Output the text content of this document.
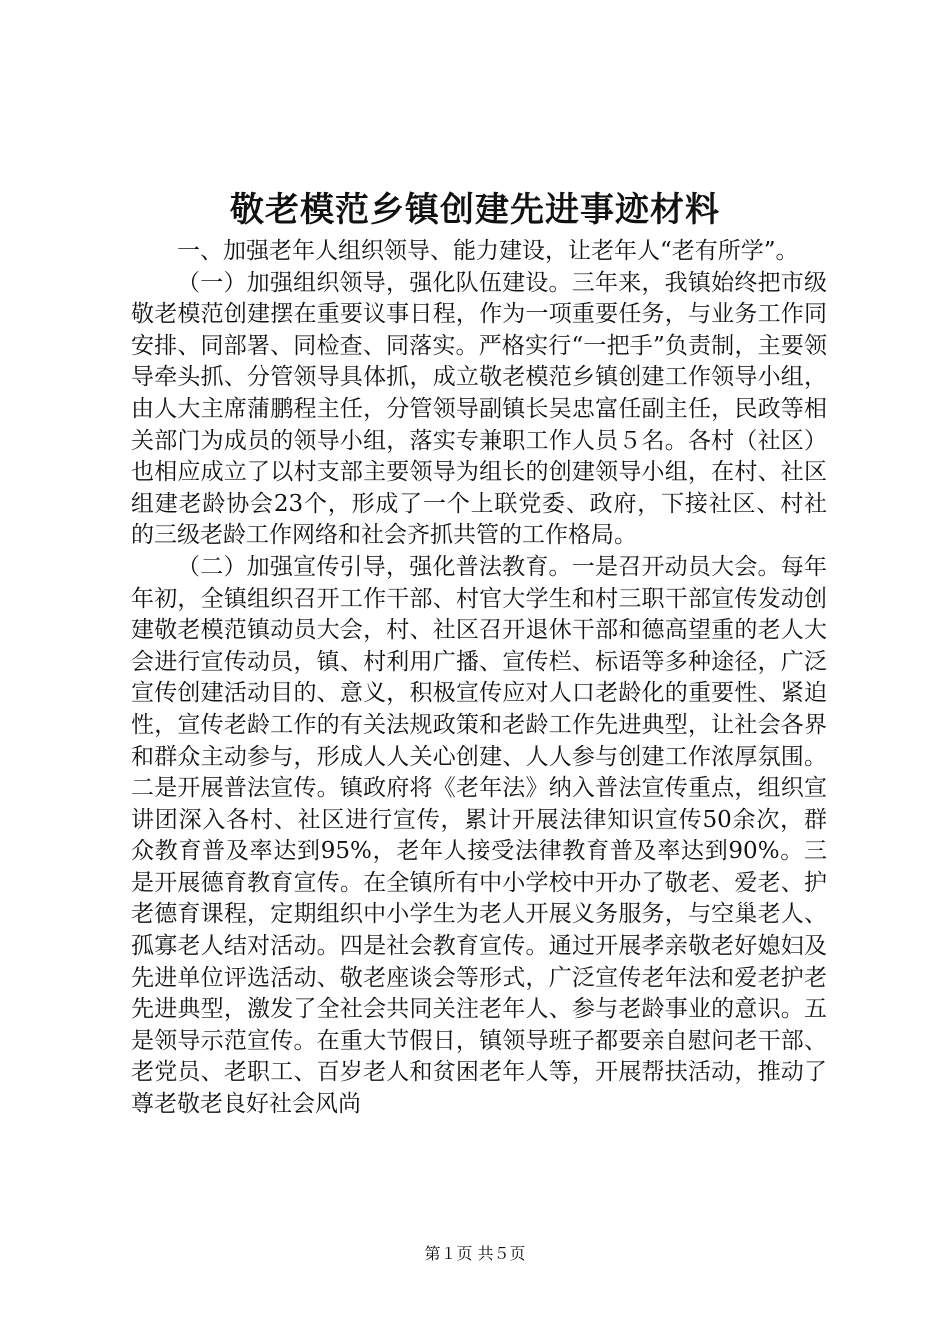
敬老模范乡镇创建先进事迹材料

一、加强老年人组织领导、能力建设，让老年人“老有所学”。

（一）加强组织领导，强化队伍建设。三年来，我镇始终把市级敬老模范创建摆在重要议事日程，作为一项重要任务，与业务工作同安排、同部署、同检查、同落实。严格实行“一把手”负责制，主要领导牵头抓、分管领导具体抓，成立敬老模范乡镇创建工作领导小组，由人大主席蒲鹏程主任，分管领导副镇长吴忠富任副主任，民政等相关部门为成员的领导小组，落实专兼职工作人员５名。各村（社区）也相应成立了以村支部主要领导为组长的创建领导小组，在村、社区组建老龄协会23个，形成了一个上联党委、政府，下接社区、村社的三级老龄工作网络和社会齐抓共管的工作格局。

（二）加强宣传引导，强化普法教育。一是召开动员大会。每年年初，全镇组织召开工作干部、村官大学生和村三职干部宣传发动创建敬老模范镇动员大会，村、社区召开退休干部和德高望重的老人大会进行宣传动员，镇、村利用广播、宣传栏、标语等多种途径，广泛宣传创建活动目的、意义，积极宣传应对人口老龄化的重要性、紧迫性，宣传老龄工作的有关法规政策和老龄工作先进典型，让社会各界和群众主动参与，形成人人关心创建、人人参与创建工作浓厚氛围。二是开展普法宣传。镇政府将《老年法》纳入普法宣传重点，组织宣讲团深入各村、社区进行宣传，累计开展法律知识宣传50余次，群众教育普及率达到95%，老年人接受法律教育普及率达到90%。三是开展德育教育宣传。在全镇所有中小学校中开办了敬老、爱老、护老德育课程，定期组织中小学生为老人开展义务服务，与空巢老人、孤寡老人结对活动。四是社会教育宣传。通过开展孝亲敬老好媳妇及先进单位评选活动、敬老座谈会等形式，广泛宣传老年法和爱老护老先进典型，激发了全社会共同关注老年人、参与老龄事业的意识。五是领导示范宣传。在重大节假日，镇领导班子都要亲自慰问老干部、老党员、老职工、百岁老人和贫困老年人等，开展帮扶活动，推动了尊老敬老良好社会风尚

第１页 共５页
